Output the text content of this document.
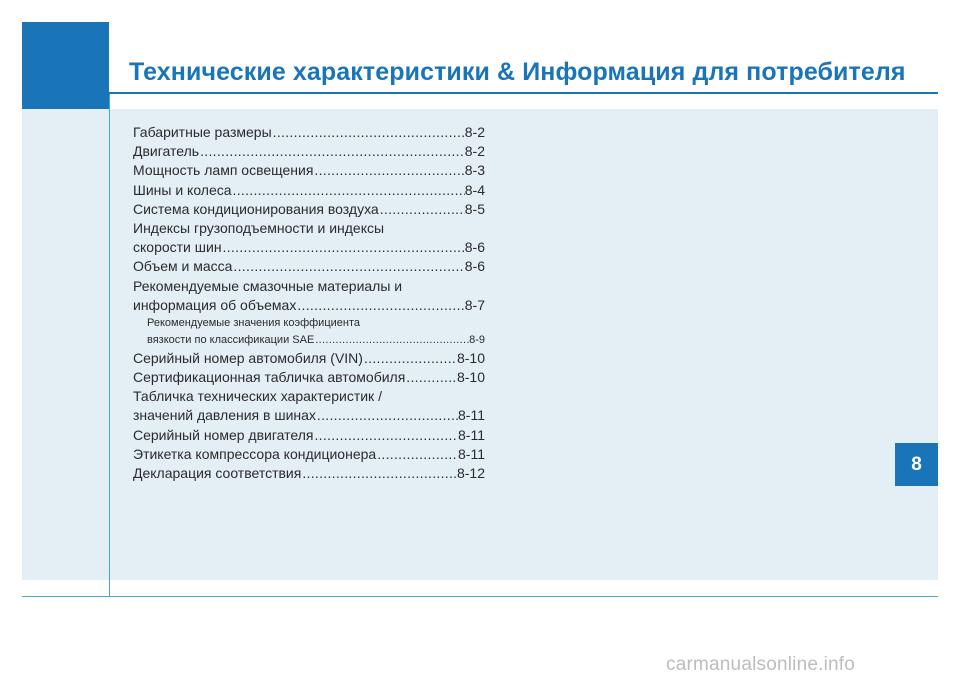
Технические характеристики & Информация для потребителя
Габаритные размеры .....	8-2
Двигатель .....	8-2
Мощность ламп освещения .....	8-3
Шины и колеса .....	8-4
Система кондиционирования воздуха .....	8-5
Индексы грузоподъемности и индексы
скорости шин .....	8-6
Объем и масса .....	8-6
Рекомендуемые смазочные материалы и
информация об объемах .....	8-7
Рекомендуемые значения коэффициента
вязкости по классификации SAE .....	8-9
Серийный номер автомобиля (VIN) .....	8-10
Сертификационная табличка автомобиля .....	8-10
Табличка технических характеристик /
значений давления в шинах .....	8-11
Серийный номер двигателя .....	8-11
Этикетка компрессора кондиционера .....	8-11
Декларация соответствия .....	8-12	8

carmanualsonline.info
